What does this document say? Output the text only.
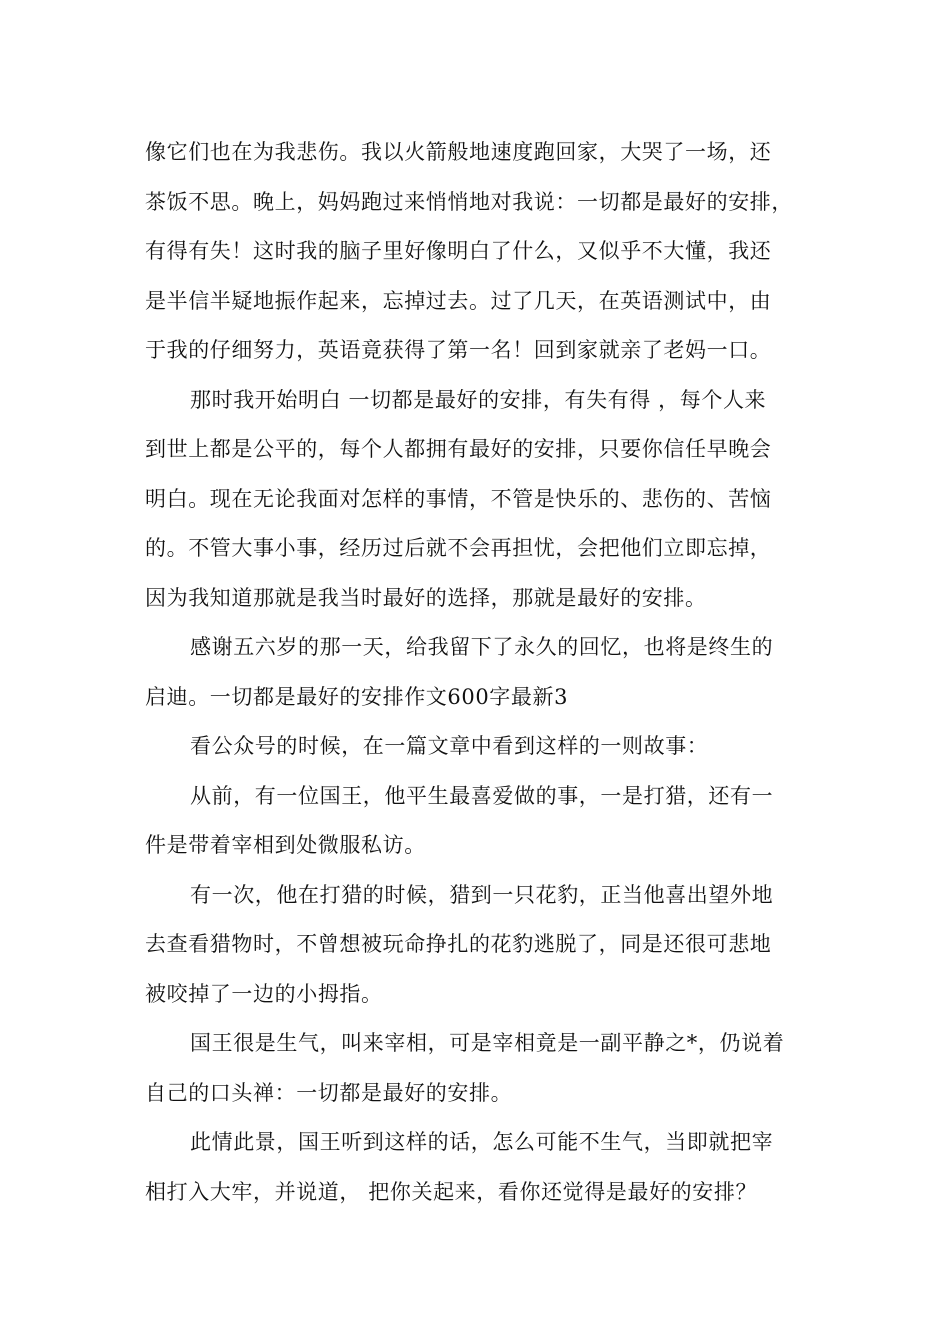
像它们也在为我悲伤。我以火箭般地速度跑回家，大哭了一场，还
茶饭不思。晚上，妈妈跑过来悄悄地对我说：一切都是最好的安排，
有得有失！这时我的脑子里好像明白了什么，又似乎不大懂，我还
是半信半疑地振作起来，忘掉过去。过了几天，在英语测试中，由
于我的仔细努力，英语竟获得了第一名！回到家就亲了老妈一口。
那时我开始明白 一切都是最好的安排，有失有得 ，每个人来
到世上都是公平的，每个人都拥有最好的安排，只要你信任早晚会
明白。现在无论我面对怎样的事情，不管是快乐的、悲伤的、苦恼
的。不管大事小事，经历过后就不会再担忧，会把他们立即忘掉，
因为我知道那就是我当时最好的选择，那就是最好的安排。
感谢五六岁的那一天，给我留下了永久的回忆，也将是终生的
启迪。一切都是最好的安排作文600字最新3
看公众号的时候，在一篇文章中看到这样的一则故事：
从前，有一位国王，他平生最喜爱做的事，一是打猎，还有一
件是带着宰相到处微服私访。
有一次，他在打猎的时候，猎到一只花豹，正当他喜出望外地
去查看猎物时，不曾想被玩命挣扎的花豹逃脱了，同是还很可悲地
被咬掉了一边的小拇指。
国王很是生气，叫来宰相，可是宰相竟是一副平静之*，仍说着
自己的口头禅：一切都是最好的安排。
此情此景，国王听到这样的话，怎么可能不生气，当即就把宰
相打入大牢，并说道， 把你关起来，看你还觉得是最好的安排？
